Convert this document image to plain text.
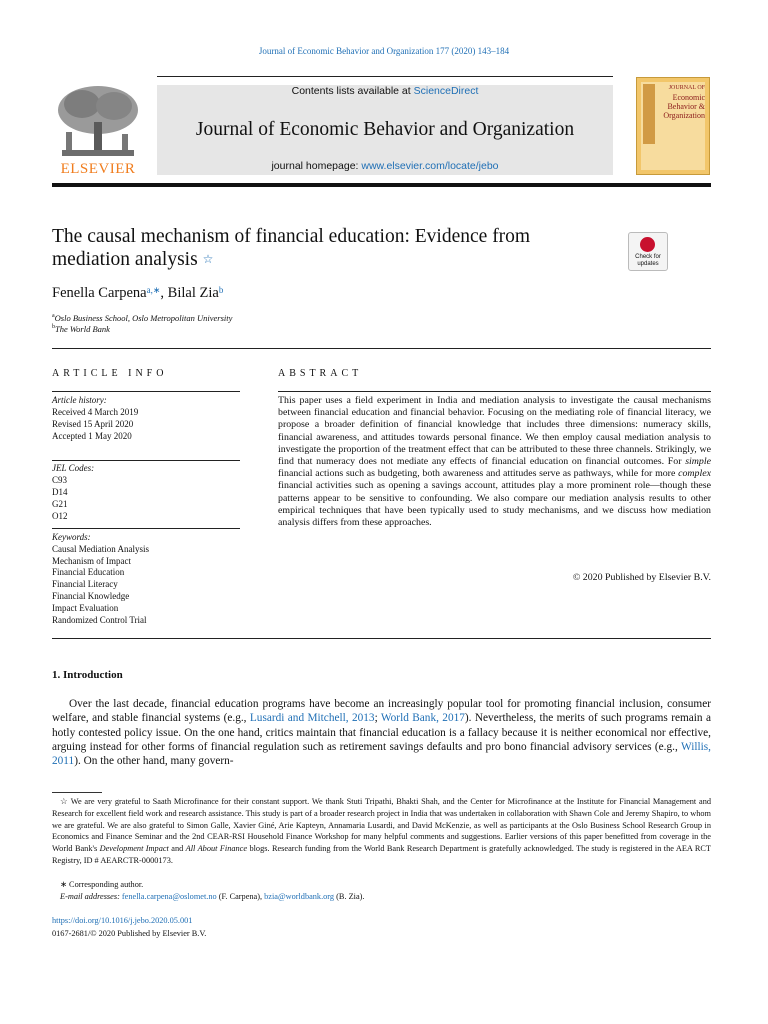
Journal of Economic Behavior and Organization 177 (2020) 143–184
ELSEVIER
Contents lists available at ScienceDirect
Journal of Economic Behavior and Organization
journal homepage: www.elsevier.com/locate/jebo
JOURNAL OF
Economic
Behavior &
Organization
The causal mechanism of financial education: Evidence from mediation analysis ☆	Check for updates
Fenella Carpena$^{a,∗}$, Bilal Zia$^b$
$^a$Oslo Business School, Oslo Metropolitan University
$^b$The World Bank
ARTICLE INFO	ABSTRACT
Article history:
Received 4 March 2019
Revised 15 April 2020
Accepted 1 May 2020
JEL Codes:
C93
D14
G21
O12
Keywords:
Causal Mediation Analysis
Mechanism of Impact
Financial Education
Financial Literacy
Financial Knowledge
Impact Evaluation
Randomized Control Trial
This paper uses a field experiment in India and mediation analysis to investigate the causal mechanisms between financial education and financial behavior. Focusing on the mediating role of financial literacy, we propose a broader definition of financial knowledge that includes three dimensions: numeracy skills, financial awareness, and attitudes towards personal finance. We then employ causal mediation analysis to investigate the proportion of the treatment effect that can be attributed to these three channels. Strikingly, we find that numeracy does not mediate any effects of financial education on financial outcomes. For simple financial actions such as budgeting, both awareness and attitudes serve as pathways, while for more complex financial activities such as opening a savings account, attitudes play a more prominent role—though these patterns appear to be sensitive to confounding. We also compare our mediation analysis results to other empirical techniques that have been typically used to study mechanisms, and we discuss how mediation analysis differs from these approaches.
© 2020 Published by Elsevier B.V.
1. Introduction
Over the last decade, financial education programs have become an increasingly popular tool for promoting financial inclusion, consumer welfare, and stable financial systems (e.g., Lusardi and Mitchell, 2013; World Bank, 2017). Nevertheless, the merits of such programs remain a hotly contested policy issue. On the one hand, critics maintain that financial education is a fallacy because it is neither economical nor effective, arguing instead for other forms of financial regulation such as retirement savings defaults and pro bono financial advisory services (e.g., Willis, 2011). On the other hand, many govern-
☆ We are very grateful to Saath Microfinance for their constant support. We thank Stuti Tripathi, Bhakti Shah, and the Center for Microfinance at the Institute for Financial Management and Research for excellent field work and research assistance. This study is part of a broader research project in India that was undertaken in collaboration with Shawn Cole and Jeremy Shapiro, to whom we are grateful. We are also grateful to Simon Galle, Xavier Giné, Arie Kapteyn, Annamaria Lusardi, and David McKenzie, as well as participants at the Oslo Business School Research Group in Economics and Finance Seminar and the 2nd CEAR-RSI Household Finance Workshop for many helpful comments and suggestions. Earlier versions of this paper benefitted from coverage in the World Bank's Development Impact and All About Finance blogs. Research funding from the World Bank Research Department is gratefully acknowledged. The study is registered in the AEA RCT Registry, ID # AEARCTR-0000173.
∗ Corresponding author.
E-mail addresses: fenella.carpena@oslomet.no (F. Carpena), bzia@worldbank.org (B. Zia).
https://doi.org/10.1016/j.jebo.2020.05.001
0167-2681/© 2020 Published by Elsevier B.V.
